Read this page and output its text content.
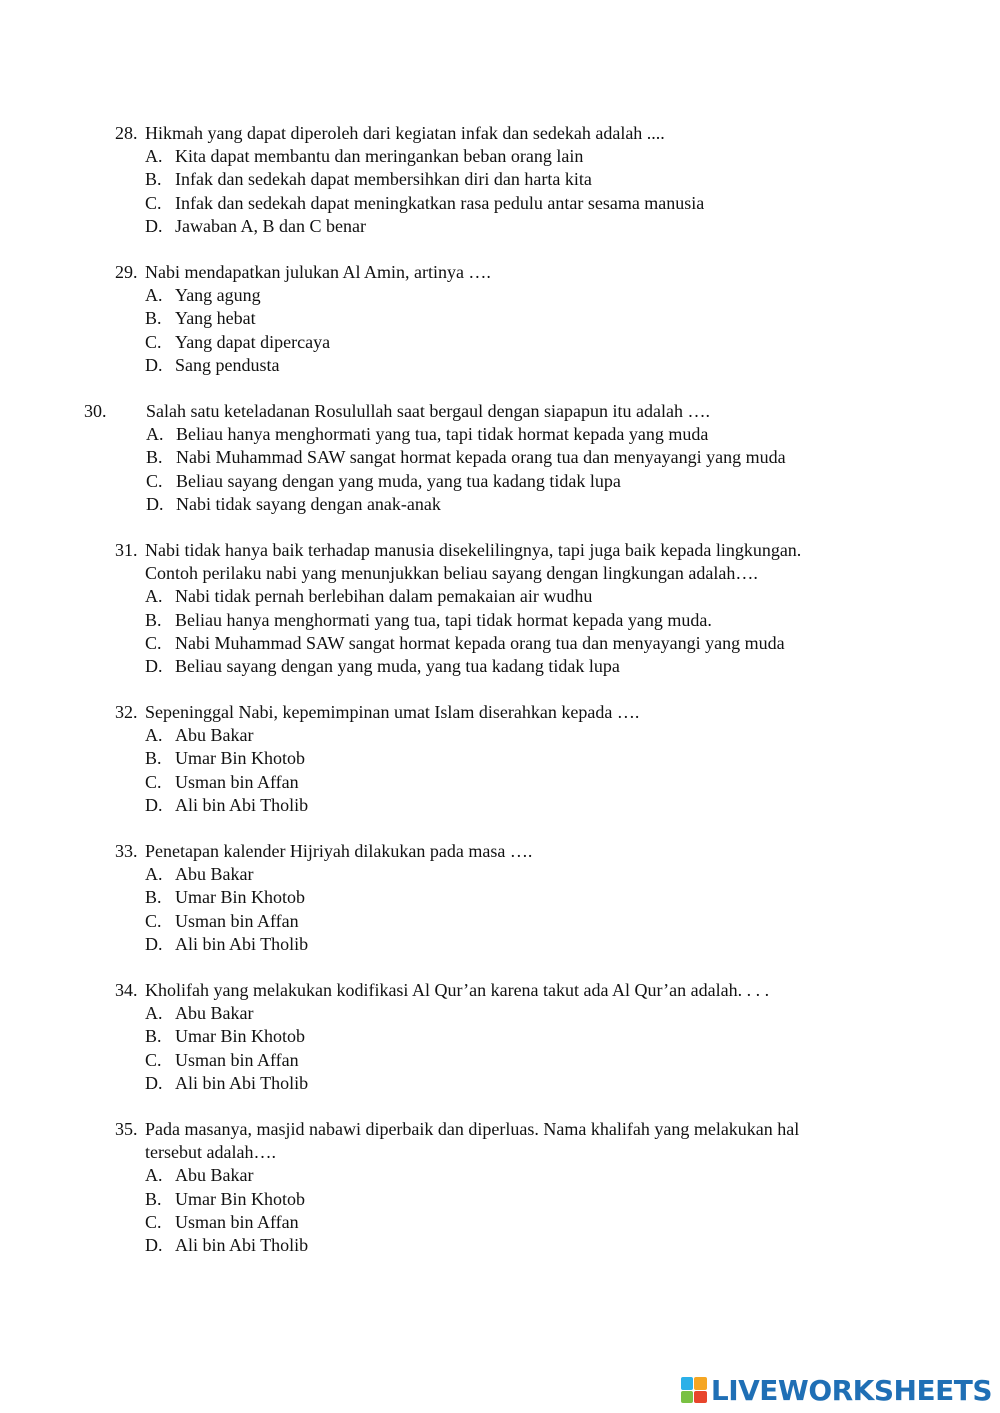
28. Hikmah yang dapat diperoleh dari kegiatan infak dan sedekah adalah ....
A. Kita dapat membantu dan meringankan beban orang lain
B. Infak dan sedekah dapat membersihkan diri dan harta kita
C. Infak dan sedekah dapat meningkatkan rasa pedulu antar sesama manusia
D. Jawaban A, B dan C benar
29. Nabi mendapatkan julukan Al Amin, artinya ….
A. Yang agung
B. Yang hebat
C. Yang dapat dipercaya
D. Sang pendusta
30. Salah satu keteladanan Rosulullah saat bergaul dengan siapapun itu adalah ….
A. Beliau hanya menghormati yang tua, tapi tidak hormat kepada yang muda
B. Nabi Muhammad SAW sangat hormat kepada orang tua dan menyayangi yang muda
C. Beliau sayang dengan yang muda, yang tua kadang tidak lupa
D. Nabi tidak sayang dengan anak-anak
31. Nabi tidak hanya baik terhadap manusia disekelilingnya, tapi juga baik kepada lingkungan.
Contoh perilaku nabi yang menunjukkan beliau sayang dengan lingkungan adalah….
A. Nabi tidak pernah berlebihan dalam pemakaian air wudhu
B. Beliau hanya menghormati yang tua, tapi tidak hormat kepada yang muda.
C. Nabi Muhammad SAW sangat hormat kepada orang tua dan menyayangi yang muda
D. Beliau sayang dengan yang muda, yang tua kadang tidak lupa
32. Sepeninggal Nabi, kepemimpinan umat Islam diserahkan kepada ….
A. Abu Bakar
B. Umar Bin Khotob
C. Usman bin Affan
D. Ali bin Abi Tholib
33. Penetapan kalender Hijriyah dilakukan pada masa ….
A. Abu Bakar
B. Umar Bin Khotob
C. Usman bin Affan
D. Ali bin Abi Tholib
34. Kholifah yang melakukan kodifikasi Al Qur’an karena takut ada Al Qur’an adalah. . . .
A. Abu Bakar
B. Umar Bin Khotob
C. Usman bin Affan
D. Ali bin Abi Tholib
35. Pada masanya, masjid nabawi diperbaik dan diperluas. Nama khalifah yang melakukan hal
tersebut adalah….
A. Abu Bakar
B. Umar Bin Khotob
C. Usman bin Affan
D. Ali bin Abi Tholib
LIVEWORKSHEETS
